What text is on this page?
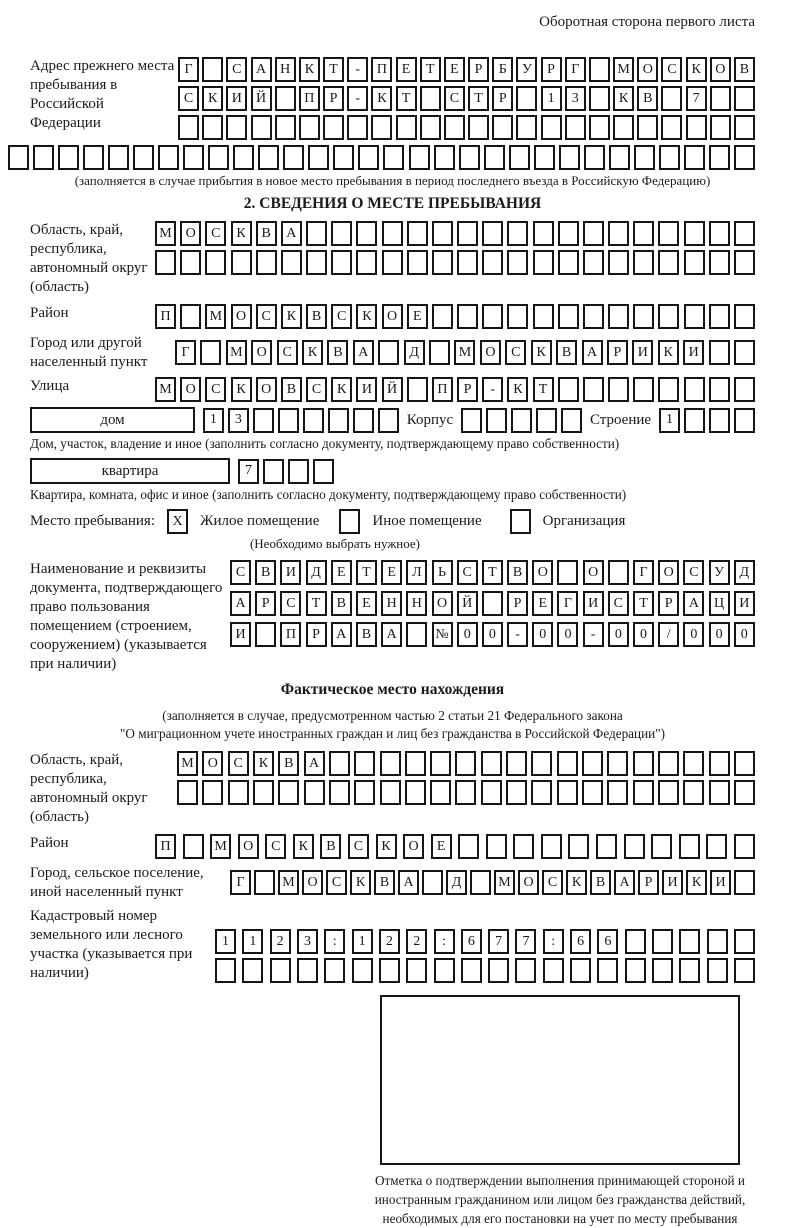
Оборотная сторона первого листа
Адрес прежнего места пребывания в Российской Федерации
Г	С	А	Н	К	Т	-	П	Е	Т	Е	Р	Б	У	Р	Г	М О	С	К	О	В
С	К	И	Й	П	Р	-	К	Т	С	Т	Р	1	3	К	В	7
(заполняется в случае прибытия в новое место пребывания в период последнего въезда в Российскую Федерацию)
2. СВЕДЕНИЯ О МЕСТЕ ПРЕБЫВАНИЯ
Область, край, республика, автономный округ (область)
М О	С	К	В	А
Район	П	М О	С	К	В	С	К	О	Е
Город или другой населенный пункт
Г	М	О	С	К	В	А	Д	М	О	С	К	В	А	Р	И	К	И
Улица	М О	С	К	О	В	С	К	И	Й	П	Р	-	К	Т
дом	1	3	Корпус	Строение	1
Дом, участок, владение и иное (заполнить согласно документу, подтверждающему право собственности)
квартира	7
Квартира, комната, офис и иное (заполнить согласно документу, подтверждающему право собственности)
Место пребывания:	X	Жилое помещение	Иное помещение	Организация
(Необходимо выбрать нужное)
Наименование и реквизиты документа, подтверждающего право пользования помещением (строением, сооружением) (указывается при наличии)
С	В	И	Д	Е	Т	Е	Л	Ь	С	Т	В	О	О	Г	О	С	У	Д
А	Р	С	Т	В	Е	Н	Н	О	Й	Р	Е	Г	И	С	Т	Р	А	Ц	И
И	П	Р	А	В	А	№	0	0	-	0	0	-	0	0	/	0	0	0
Фактическое место нахождения
(заполняется в случае, предусмотренном частью 2 статьи 21 Федерального закона
"О миграционном учете иностранных граждан и лиц без гражданства в Российской Федерации")
Область, край, республика, автономный округ (область)
М	О	С	К	В	А
Район	П	М	О	С	К	В	С	К	О	Е
Город, сельское поселение, иной населенный пункт
Г	М О	С	К	В	А	Д	М О	С	К	В	А	Р	И	К	И
Кадастровый номер земельного или лесного участка (указывается при наличии)
1	1	2	3	:	1	2	2	:	6	7	7	:	6	6
Отметка о подтверждении выполнения принимающей стороной и иностранным гражданином или лицом без гражданства действий, необходимых для его постановки на учет по месту пребывания
